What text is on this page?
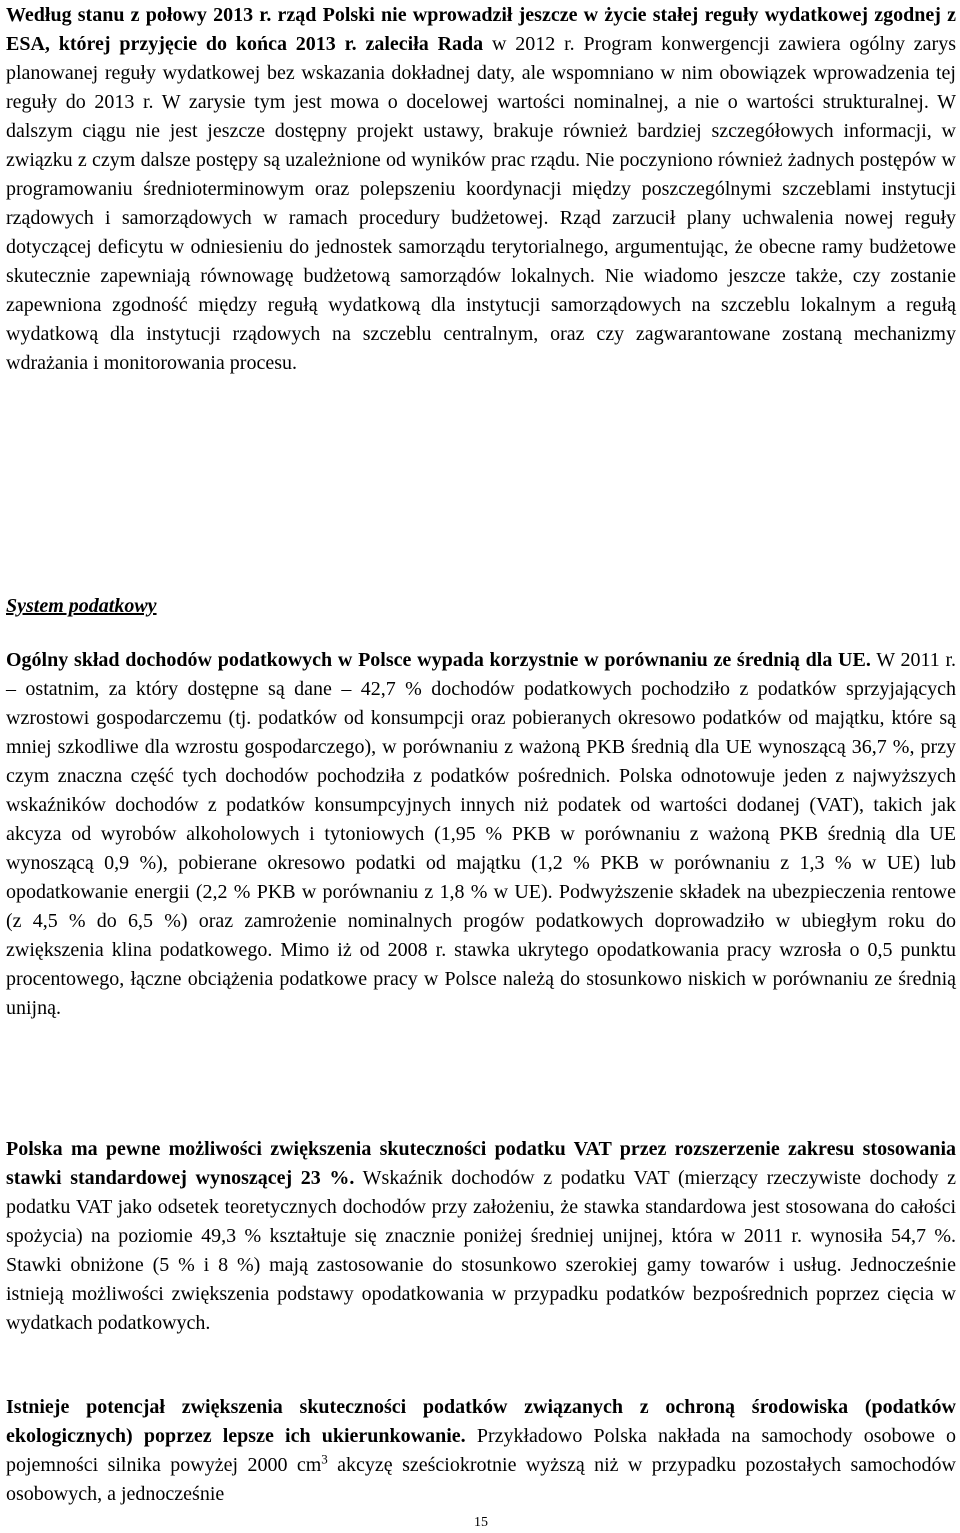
Według stanu z połowy 2013 r. rząd Polski nie wprowadził jeszcze w życie stałej reguły wydatkowej zgodnej z ESA, której przyjęcie do końca 2013 r. zaleciła Rada w 2012 r. Program konwergencji zawiera ogólny zarys planowanej reguły wydatkowej bez wskazania dokładnej daty, ale wspomniano w nim obowiązek wprowadzenia tej reguły do 2013 r. W zarysie tym jest mowa o docelowej wartości nominalnej, a nie o wartości strukturalnej. W dalszym ciągu nie jest jeszcze dostępny projekt ustawy, brakuje również bardziej szczegółowych informacji, w związku z czym dalsze postępy są uzależnione od wyników prac rządu. Nie poczyniono również żadnych postępów w programowaniu średnioterminowym oraz polepszeniu koordynacji między poszczególnymi szczeblami instytucji rządowych i samorządowych w ramach procedury budżetowej. Rząd zarzucił plany uchwalenia nowej reguły dotyczącej deficytu w odniesieniu do jednostek samorządu terytorialnego, argumentując, że obecne ramy budżetowe skutecznie zapewniają równowagę budżetową samorządów lokalnych. Nie wiadomo jeszcze także, czy zostanie zapewniona zgodność między regułą wydatkową dla instytucji samorządowych na szczeblu lokalnym a regułą wydatkową dla instytucji rządowych na szczeblu centralnym, oraz czy zagwarantowane zostaną mechanizmy wdrażania i monitorowania procesu.

System podatkowy

Ogólny skład dochodów podatkowych w Polsce wypada korzystnie w porównaniu ze średnią dla UE. W 2011 r. – ostatnim, za który dostępne są dane – 42,7 % dochodów podatkowych pochodziło z podatków sprzyjających wzrostowi gospodarczemu (tj. podatków od konsumpcji oraz pobieranych okresowo podatków od majątku, które są mniej szkodliwe dla wzrostu gospodarczego), w porównaniu z ważoną PKB średnią dla UE wynoszącą 36,7 %, przy czym znaczna część tych dochodów pochodziła z podatków pośrednich. Polska odnotowuje jeden z najwyższych wskaźników dochodów z podatków konsumpcyjnych innych niż podatek od wartości dodanej (VAT), takich jak akcyza od wyrobów alkoholowych i tytoniowych (1,95 % PKB w porównaniu z ważoną PKB średnią dla UE wynoszącą 0,9 %), pobierane okresowo podatki od majątku (1,2 % PKB w porównaniu z 1,3 % w UE) lub opodatkowanie energii (2,2 % PKB w porównaniu z 1,8 % w UE). Podwyższenie składek na ubezpieczenia rentowe (z 4,5 % do 6,5 %) oraz zamrożenie nominalnych progów podatkowych doprowadziło w ubiegłym roku do zwiększenia klina podatkowego. Mimo iż od 2008 r. stawka ukrytego opodatkowania pracy wzrosła o 0,5 punktu procentowego, łączne obciążenia podatkowe pracy w Polsce należą do stosunkowo niskich w porównaniu ze średnią unijną.

Polska ma pewne możliwości zwiększenia skuteczności podatku VAT przez rozszerzenie zakresu stosowania stawki standardowej wynoszącej 23 %. Wskaźnik dochodów z podatku VAT (mierzący rzeczywiste dochody z podatku VAT jako odsetek teoretycznych dochodów przy założeniu, że stawka standardowa jest stosowana do całości spożycia) na poziomie 49,3 % kształtuje się znacznie poniżej średniej unijnej, która w 2011 r. wynosiła 54,7 %. Stawki obniżone (5 % i 8 %) mają zastosowanie do stosunkowo szerokiej gamy towarów i usług. Jednocześnie istnieją możliwości zwiększenia podstawy opodatkowania w przypadku podatków bezpośrednich poprzez cięcia w wydatkach podatkowych.

Istnieje potencjał zwiększenia skuteczności podatków związanych z ochroną środowiska (podatków ekologicznych) poprzez lepsze ich ukierunkowanie. Przykładowo Polska nakłada na samochody osobowe o pojemności silnika powyżej 2000 $cm^3$ akcyzę sześciokrotnie wyższą niż w przypadku pozostałych samochodów osobowych, a jednocześnie

15
